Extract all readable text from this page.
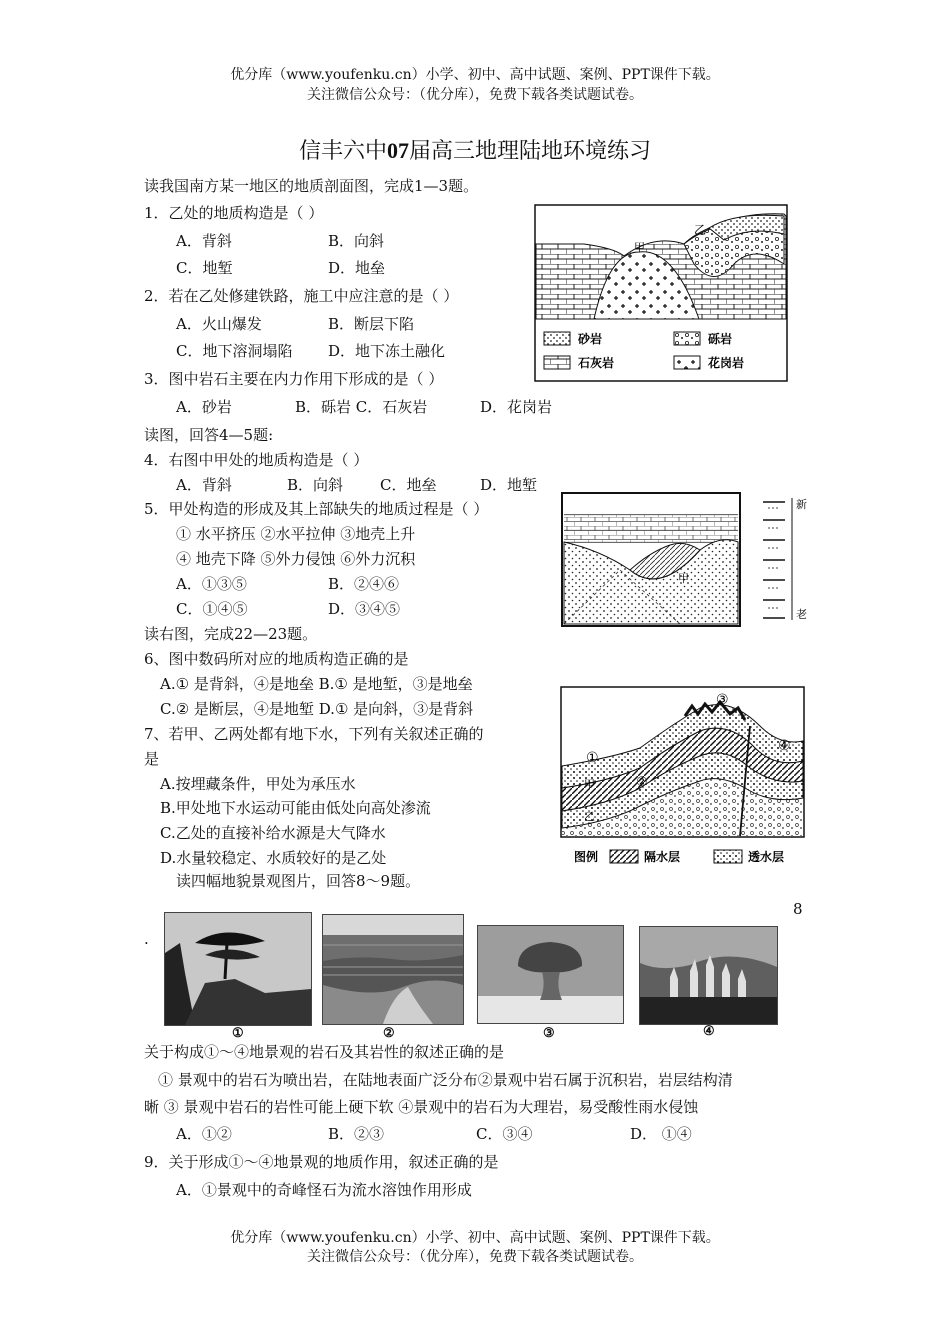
优分库（www.youfenku.cn）小学、初中、高中试题、案例、PPT课件下载。
关注微信公众号：（优分库），免费下载各类试题试卷。
信丰六中07届高三地理陆地环境练习
读我国南方某一地区的地质剖面图，完成1—3题。
1．乙处的地质构造是（ ）
A．背斜	B．向斜
C．地堑	D．地垒
2．若在乙处修建铁路，施工中应注意的是（ ）
A．火山爆发	B．断层下陷
C．地下溶洞塌陷 D．地下冻土融化
3．图中岩石主要在内力作用下形成的是（ ）
A．砂岩	B．砾岩 C．石灰岩	D．花岗岩
读图，回答4—5题:
4．右图中甲处的地质构造是（ ）
A．背斜	B．向斜 C．地垒	D．地堑
5．甲处构造的形成及其上部缺失的地质过程是（ ）
① 水平挤压 ②水平拉伸 ③地壳上升
④ 地壳下降 ⑤外力侵蚀 ⑥外力沉积
A．①③⑤	B．②④⑥
C．①④⑤	D．③④⑤
读右图，完成22—23题。
6、图中数码所对应的地质构造正确的是
A.① 是背斜，④是地垒 B.① 是地堑，③是地垒
C.② 是断层，④是地堑 D.① 是向斜，③是背斜
7、若甲、乙两处都有地下水，下列有关叙述正确的
是
A.按埋藏条件，甲处为承压水
B.甲处地下水运动可能由低处向高处渗流
C.乙处的直接补给水源是大气降水
D.水量较稳定、水质较好的是乙处
读四幅地貌景观图片，回答8～9题。
8
.
关于构成①～④地景观的岩石及其岩性的叙述正确的是
① 景观中的岩石为喷出岩，在陆地表面广泛分布②景观中岩石属于沉积岩，岩层结构清
晰 ③ 景观中岩石的岩性可能上硬下软 ④景观中的岩石为大理岩，易受酸性雨水侵蚀
A．①②	B．②③	C．③④	D． ①④
9．关于形成①～④地景观的地质作用，叙述正确的是
A．①景观中的奇峰怪石为流水溶蚀作用形成
甲
乙
砂岩	砾岩
石灰岩	花岗岩
甲
新
老
①
②
③
④
甲
乙
图例	隔水层	透水层
①	②	③	④
优分库（www.youfenku.cn）小学、初中、高中试题、案例、PPT课件下载。
关注微信公众号：（优分库），免费下载各类试题试卷。
